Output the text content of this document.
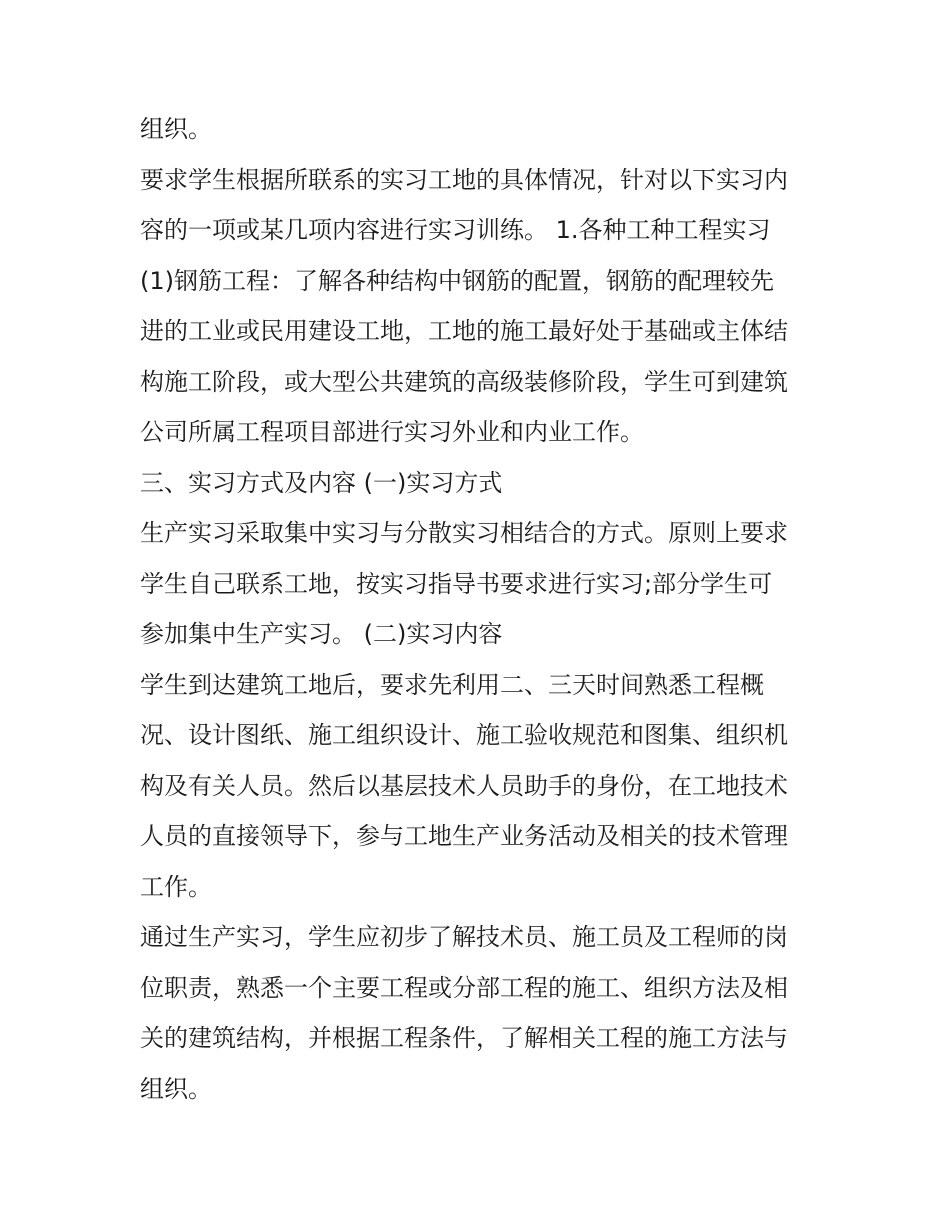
组织。

要求学生根据所联系的实习工地的具体情况，针对以下实习内
容的一项或某几项内容进行实习训练。 1.各种工种工程实习
(1)钢筋工程：了解各种结构中钢筋的配置，钢筋的配理较先
进的工业或民用建设工地，工地的施工最好处于基础或主体结
构施工阶段，或大型公共建筑的高级装修阶段，学生可到建筑
公司所属工程项目部进行实习外业和内业工作。

三、实习方式及内容 (一)实习方式

生产实习采取集中实习与分散实习相结合的方式。原则上要求
学生自己联系工地，按实习指导书要求进行实习;部分学生可
参加集中生产实习。 (二)实习内容

学生到达建筑工地后，要求先利用二、三天时间熟悉工程概
况、设计图纸、施工组织设计、施工验收规范和图集、组织机
构及有关人员。然后以基层技术人员助手的身份，在工地技术
人员的直接领导下，参与工地生产业务活动及相关的技术管理
工作。

通过生产实习，学生应初步了解技术员、施工员及工程师的岗
位职责，熟悉一个主要工程或分部工程的施工、组织方法及相
关的建筑结构，并根据工程条件，了解相关工程的施工方法与
组织。
